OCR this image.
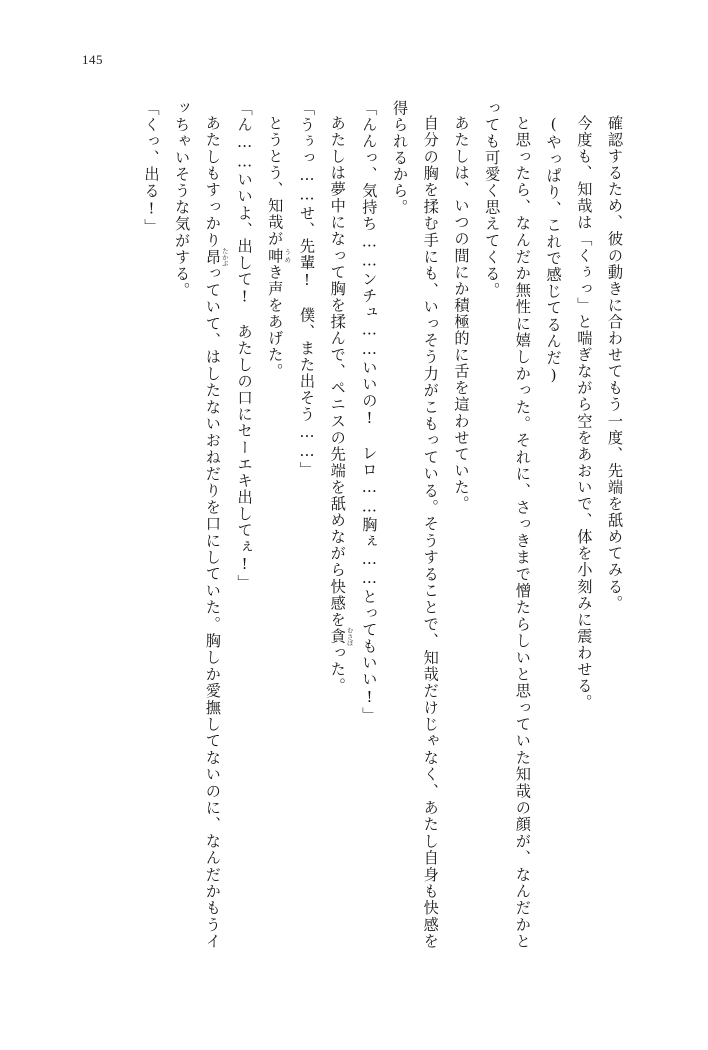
145

確認するため、彼の動きに合わせてもう一度、先端を舐めてみる。

今度も、知哉は「くぅっ」と喘ぎながら空をあおいで、体を小刻みに震わせる。

(やっぱり、これで感じてるんだ)

と思ったら、なんだか無性に嬉しかった。それに、さっきまで憎たらしいと思っていた知哉の顔が、なんだかとっても可愛く思えてくる。

あたしは、いつの間にか積極的に舌を這わせていた。

自分の胸を揉む手にも、いっそう力がこもっている。そうすることで、知哉だけじゃなく、あたし自身も快感を得られるから。

「んんっ、気持ち……ンチュ……いいの!　レロ……胸ぇ……とってもいい!」

あたしは夢中になって胸を揉んで、ペニスの先端を舐めながら快感を貪 むさぼった。

「うぅっ……せ、先輩!　僕、また出そう……」

とうとう、知哉が呻 うめき声をあげた。

「ん……いいよ、出して!　あたしの口にセーエキ出してぇ!」

あたしもすっかり昂 たかぶっていて、はしたないおねだりを口にしていた。胸しか愛撫してないのに、なんだかもうイッちゃいそうな気がする。

「くっ、出る!」
